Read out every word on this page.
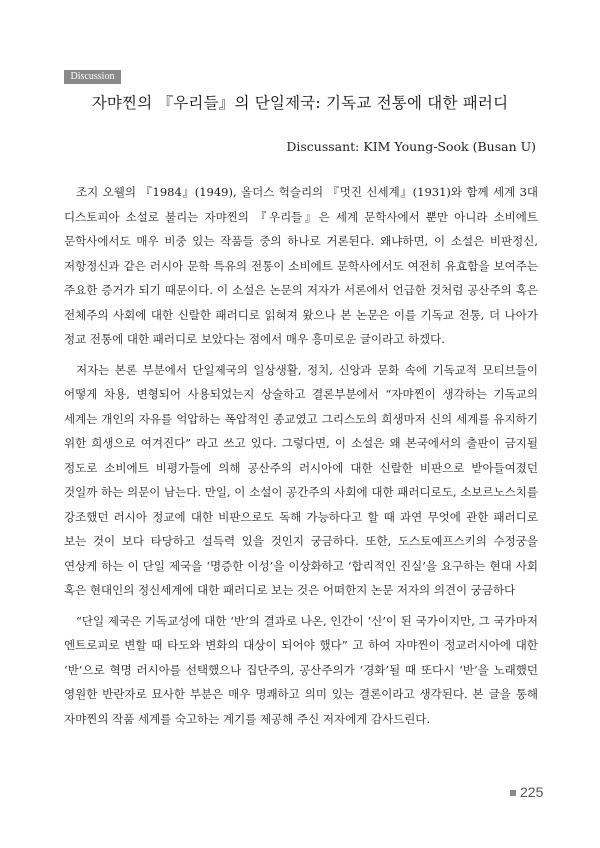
Discussion
자먀찐의 『우리들』의 단일제국: 기독교 전통에 대한 패러디
Discussant: KIM Young-Sook (Busan U)

조지 오웰의 『1984』(1949), 올더스 헉슬리의 『멋진 신세계』(1931)와 함께 세계 3대 디스토피아 소설로 불리는 자먀찐의 『우리들』은 세계 문학사에서 뿐만 아니라 소비에트 문학사에서도 매우 비중 있는 작품들 중의 하나로 거론된다. 왜냐하면, 이 소설은 비판정신, 저항정신과 같은 러시아 문학 특유의 전통이 소비에트 문학사에서도 여전히 유효함을 보여주는 주요한 증거가 되기 때문이다. 이 소설은 논문의 저자가 서론에서 언급한 것처럼 공산주의 혹은 전체주의 사회에 대한 신랄한 패러디로 읽혀져 왔으나 본 논문은 이를 기독교 전통, 더 나아가 정교 전통에 대한 패러디로 보았다는 점에서 매우 흥미로운 글이라고 하겠다.

저자는 본론 부분에서 단일제국의 일상생활, 정치, 신앙과 문화 속에 기독교적 모티브들이 어떻게 차용, 변형되어 사용되었는지 상술하고 결론부분에서 “자먀찐이 생각하는 기독교의 세계는 개인의 자유를 억압하는 폭압적인 종교였고 그리스도의 희생마저 신의 세계를 유지하기 위한 희생으로 여겨진다” 라고 쓰고 있다. 그렇다면, 이 소설은 왜 본국에서의 출판이 금지될 정도로 소비에트 비평가들에 의해 공산주의 러시아에 대한 신랄한 비판으로 받아들여졌던 것일까 하는 의문이 남는다. 만일, 이 소설이 공간주의 사회에 대한 패러디로도, 소보르노스치를 강조했던 러시아 정교에 대한 비판으로도 독해 가능하다고 할 때 과연 무엇에 관한 패러디로 보는 것이 보다 타당하고 설득력 있을 것인지 궁금하다. 또한, 도스토예프스키의 수정궁을 연상케 하는 이 단일 제국을 ‘명증한 이성’을 이상화하고 ‘합리적인 진실’을 요구하는 현대 사회 혹은 현대인의 정신세계에 대한 패러디로 보는 것은 어떠한지 논문 저자의 의견이 궁금하다

“단일 제국은 기독교성에 대한 ‘반’의 결과로 나온, 인간이 ‘신’이 된 국가이지만, 그 국가마저 엔트로피로 변할 때 타도와 변화의 대상이 되어야 했다” 고 하여 자먀찐이 정교러시아에 대한 ‘반’으로 혁명 러시아를 선택했으나 집단주의, 공산주의가 ‘경화’될 때 또다시 ‘반’을 노래했던 영원한 반란자로 묘사한 부분은 매우 명쾌하고 의미 있는 결론이라고 생각된다. 본 글을 통해 자먀찐의 작품 세계를 숙고하는 계기를 제공해 주신 저자에게 감사드린다.

225
